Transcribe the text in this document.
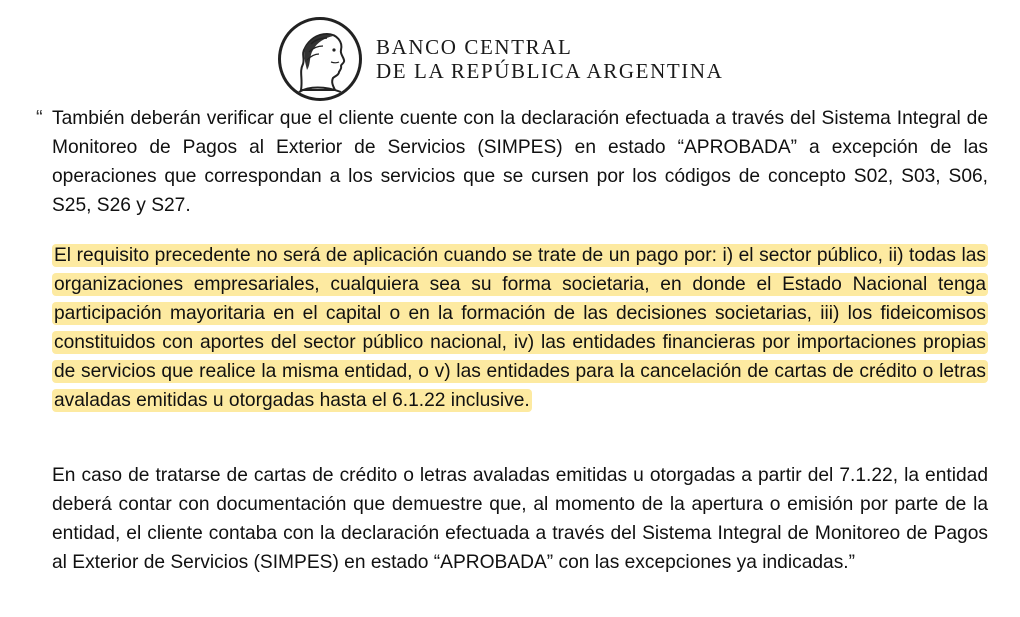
BANCO CENTRAL
DE LA REPÚBLICA ARGENTINA
“ También deberán verificar que el cliente cuente con la declaración efectuada a través del Sistema Integral de Monitoreo de Pagos al Exterior de Servicios (SIMPES) en estado “APROBADA” a excepción de las operaciones que correspondan a los servicios que se cursen por los códigos de concepto S02, S03, S06, S25, S26 y S27.

El requisito precedente no será de aplicación cuando se trate de un pago por: i) el sector público, ii) todas las organizaciones empresariales, cualquiera sea su forma societaria, en donde el Estado Nacional tenga participación mayoritaria en el capital o en la formación de las decisiones societarias, iii) los fideicomisos constituidos con aportes del sector público nacional, iv) las entidades financieras por importaciones propias de servicios que realice la misma entidad, o v) las entidades para la cancelación de cartas de crédito o letras avaladas emitidas u otorgadas hasta el 6.1.22 inclusive.

En caso de tratarse de cartas de crédito o letras avaladas emitidas u otorgadas a partir del 7.1.22, la entidad deberá contar con documentación que demuestre que, al momento de la apertura o emisión por parte de la entidad, el cliente contaba con la declaración efectuada a través del Sistema Integral de Monitoreo de Pagos al Exterior de Servicios (SIMPES) en estado “APROBADA” con las excepciones ya indicadas.”
